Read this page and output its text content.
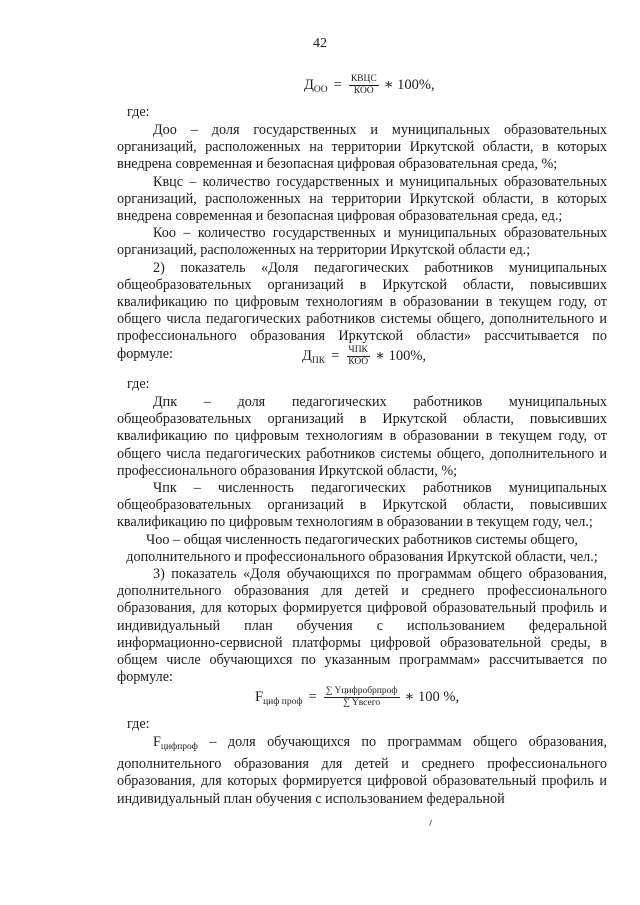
42
$Д_{ОО} = \frac{\text{КВЦС}}{\text{КОО}}$ ∗ 100%,
где:

Дoo – доля государственных и муниципальных образовательных организаций, расположенных на территории Иркутской области, в которых внедрена современная и безопасная цифровая образовательная среда, %;

Квцс – количество государственных и муниципальных образовательных организаций, расположенных на территории Иркутской области, в которых внедрена современная и безопасная цифровая образовательная среда, ед.;

Коо – количество государственных и муниципальных образовательных организаций, расположенных на территории Иркутской области ед.;

2) показатель «Доля педагогических работников муниципальных общеобразовательных организаций в Иркутской области, повысивших квалификацию по цифровым технологиям в образовании в текущем году, от общего числа педагогических работников системы общего, дополнительного и профессионального образования Иркутской области» рассчитывается по формуле:	$Д_{ПК} = \frac{\text{ЧПК}}{\text{КОО}}$ ∗ 100%,
где:

Дпк – доля педагогических работников муниципальных общеобразовательных организаций в Иркутской области, повысивших квалификацию по цифровым технологиям в образовании в текущем году, от общего числа педагогических работников системы общего, дополнительного и профессионального образования Иркутской области, %;

Чпк – численность педагогических работников муниципальных общеобразовательных организаций в Иркутской области, повысивших квалификацию по цифровым технологиям в образовании в текущем году, чел.;

Чоо – общая численность педагогических работников системы общего, дополнительного и профессионального образования Иркутской области, чел.;

3) показатель «Доля обучающихся по программам общего образования, дополнительного образования для детей и среднего профессионального образования, для которых формируется цифровой образовательный профиль и индивидуальный план обучения с использованием федеральной информационно-сервисной платформы цифровой образовательной среды, в общем числе обучающихся по указанным программам» рассчитывается по формуле:

$F_{циф проф} = \frac{\text{∑ Yцифробрпроф}}{\text{∑ Yвсего}}$ ∗ 100 %,
где:

$F_{цифпроф}$ – доля обучающихся по программам общего образования, дополнительного образования для детей и среднего профессионального образования, для которых формируется цифровой образовательный профиль и индивидуальный план обучения с использованием федеральной
